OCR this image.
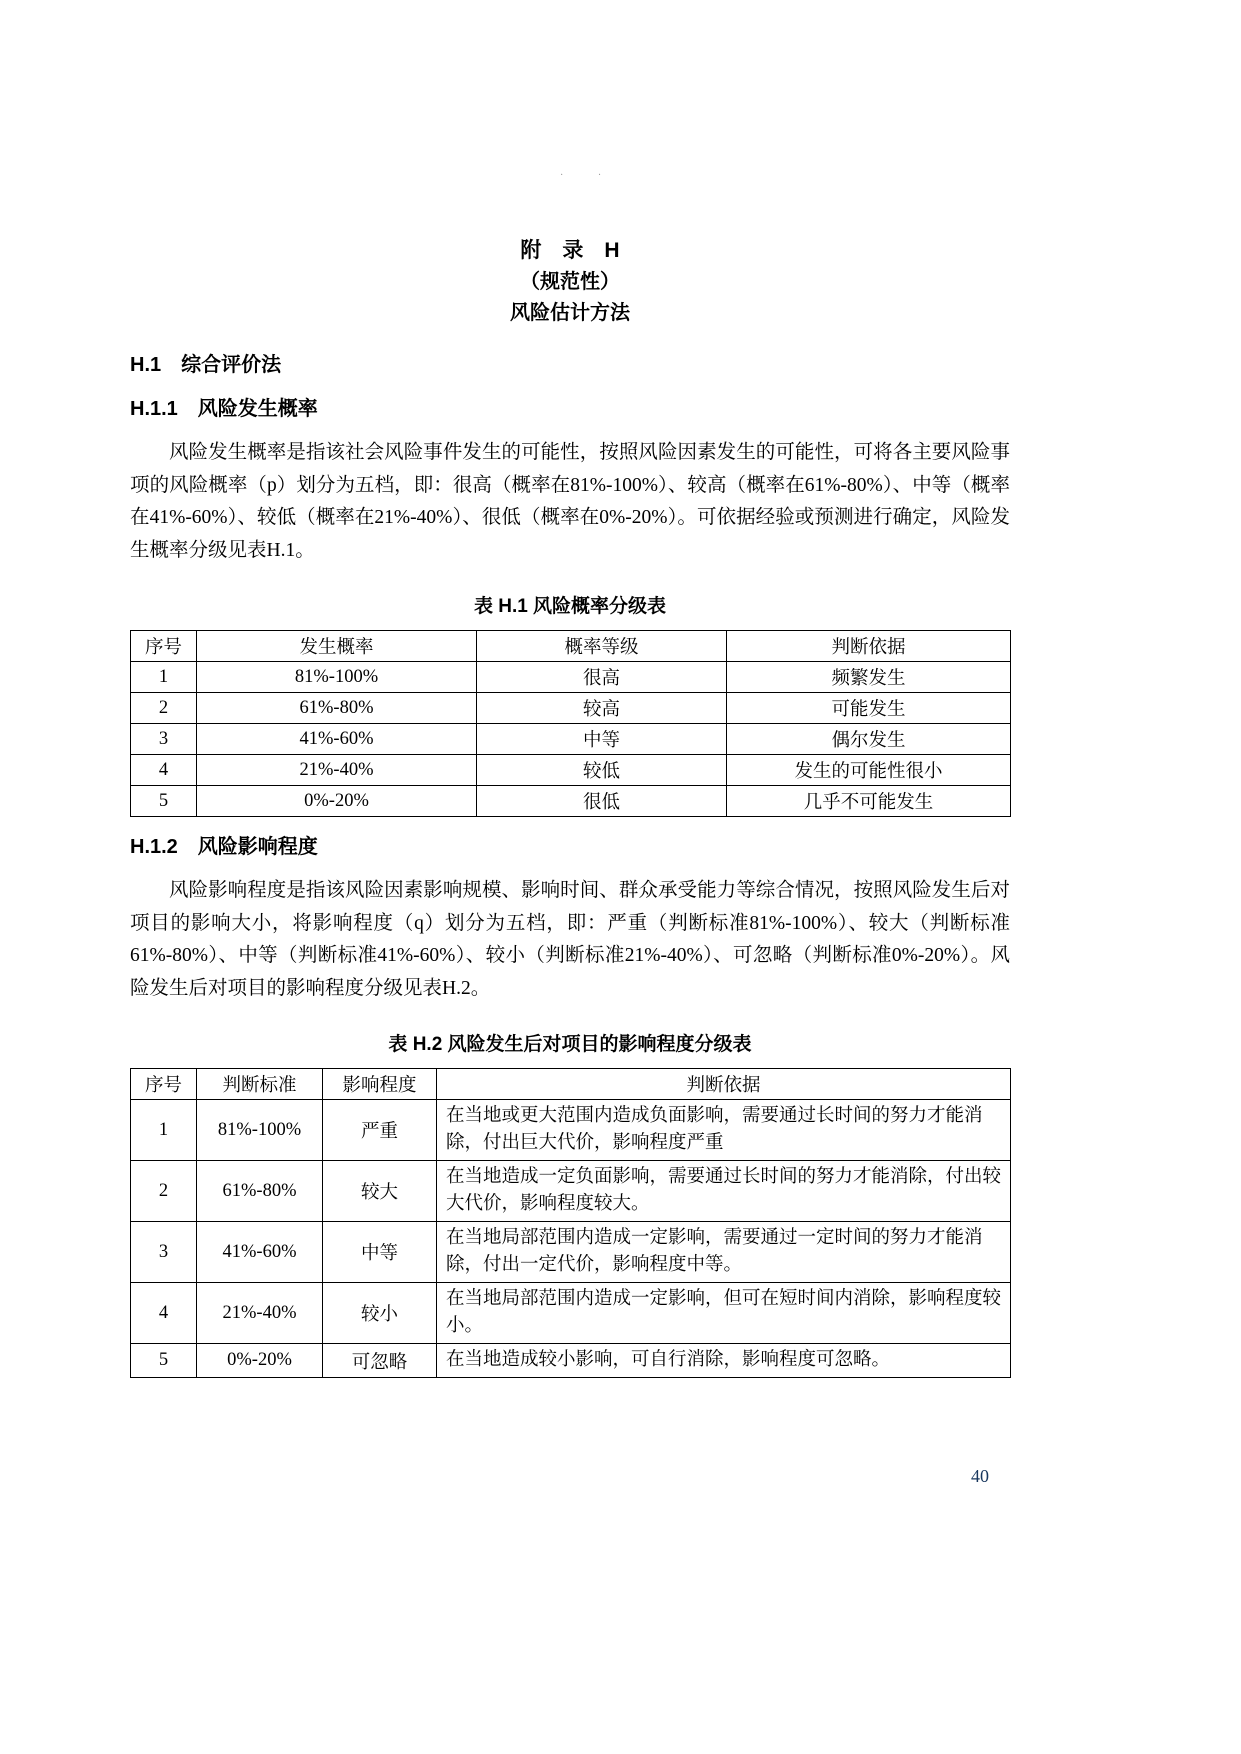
· ·
附　录　H
（规范性）
风险估计方法
H.1　综合评价法
H.1.1　风险发生概率

风险发生概率是指该社会风险事件发生的可能性，按照风险因素发生的可能性，可将各主要风险事项的风险概率（p）划分为五档，即：很高（概率在81%-100%）、较高（概率在61%-80%）、中等（概率在41%-60%）、较低（概率在21%-40%）、很低（概率在0%-20%）。可依据经验或预测进行确定，风险发生概率分级见表H.1。

表 H.1 风险概率分级表
序号	发生概率	概率等级	判断依据
1	81%-100%	很高	频繁发生
2	61%-80%	较高	可能发生
3	41%-60%	中等	偶尔发生
4	21%-40%	较低	发生的可能性很小
5	0%-20%	很低	几乎不可能发生
H.1.2　风险影响程度

风险影响程度是指该风险因素影响规模、影响时间、群众承受能力等综合情况，按照风险发生后对项目的影响大小，将影响程度（q）划分为五档，即：严重（判断标准81%-100%）、较大（判断标准61%-80%）、中等（判断标准41%-60%）、较小（判断标准21%-40%）、可忽略（判断标准0%-20%）。风险发生后对项目的影响程度分级见表H.2。

表 H.2 风险发生后对项目的影响程度分级表
序号	判断标准	影响程度	判断依据
1	81%-100%	严重	在当地或更大范围内造成负面影响，需要通过长时间的努力才能消除，付出巨大代价，影响程度严重
2	61%-80%	较大	在当地造成一定负面影响，需要通过长时间的努力才能消除，付出较大代价，影响程度较大。
3	41%-60%	中等	在当地局部范围内造成一定影响，需要通过一定时间的努力才能消除，付出一定代价，影响程度中等。
4	21%-40%	较小	在当地局部范围内造成一定影响，但可在短时间内消除，影响程度较小。
5	0%-20%	可忽略	在当地造成较小影响，可自行消除，影响程度可忽略。
40
